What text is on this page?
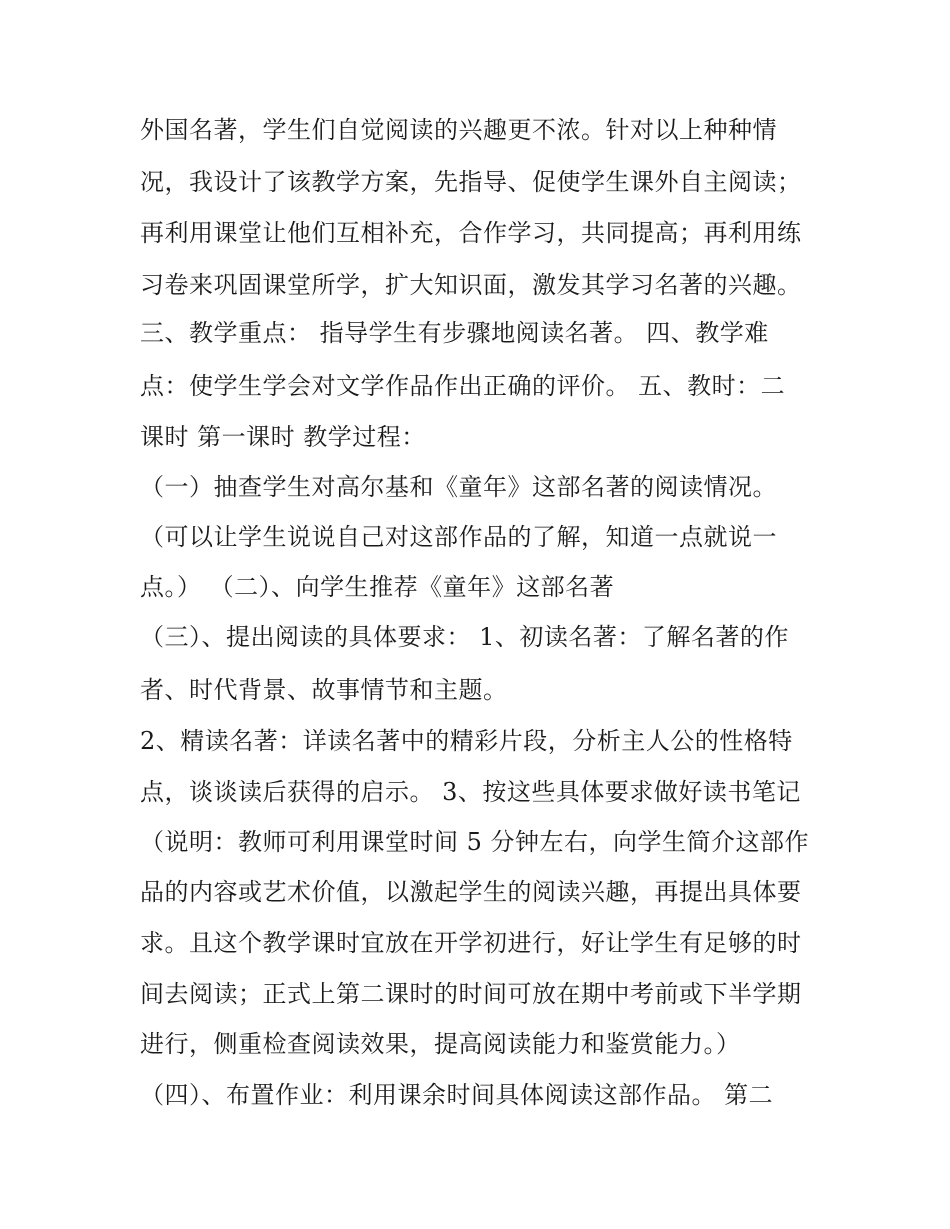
外国名著，学生们自觉阅读的兴趣更不浓。针对以上种种情
况，我设计了该教学方案，先指导、促使学生课外自主阅读；
再利用课堂让他们互相补充，合作学习，共同提高；再利用练
习卷来巩固课堂所学，扩大知识面，激发其学习名著的兴趣。
三、教学重点： 指导学生有步骤地阅读名著。 四、教学难
点：使学生学会对文学作品作出正确的评价。 五、教时：二
课时 第一课时 教学过程：
（一）抽查学生对高尔基和《童年》这部名著的阅读情况。
（可以让学生说说自己对这部作品的了解，知道一点就说一
点。） （二）、向学生推荐《童年》这部名著
（三）、提出阅读的具体要求： 1、初读名著：了解名著的作
者、时代背景、故事情节和主题。
2、精读名著：详读名著中的精彩片段，分析主人公的性格特
点，谈谈读后获得的启示。 3、按这些具体要求做好读书笔记
（说明：教师可利用课堂时间 5 分钟左右，向学生简介这部作
品的内容或艺术价值，以激起学生的阅读兴趣，再提出具体要
求。且这个教学课时宜放在开学初进行，好让学生有足够的时
间去阅读；正式上第二课时的时间可放在期中考前或下半学期
进行，侧重检查阅读效果，提高阅读能力和鉴赏能力。）
（四）、布置作业：利用课余时间具体阅读这部作品。 第二
